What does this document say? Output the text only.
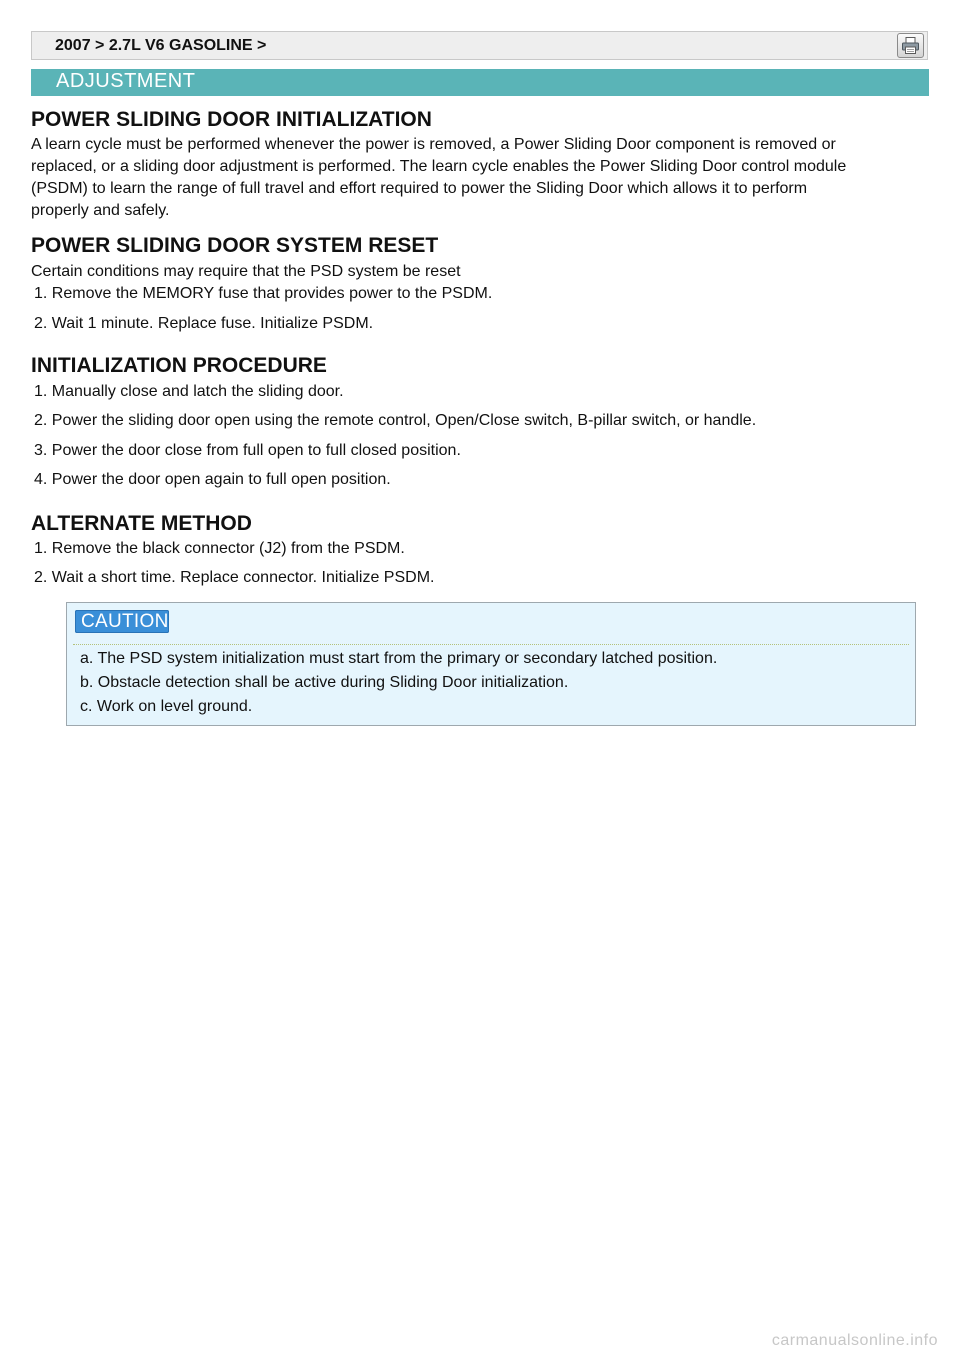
2007 > 2.7L V6 GASOLINE >
ADJUSTMENT
POWER SLIDING DOOR INITIALIZATION
A learn cycle must be performed whenever the power is removed, a Power Sliding Door component is removed or
replaced, or a sliding door adjustment is performed. The learn cycle enables the Power Sliding Door control module
(PSDM) to learn the range of full travel and effort required to power the Sliding Door which allows it to perform
properly and safely.
POWER SLIDING DOOR SYSTEM RESET
Certain conditions may require that the PSD system be reset
1. Remove the MEMORY fuse that provides power to the PSDM.
2. Wait 1 minute. Replace fuse. Initialize PSDM.
INITIALIZATION PROCEDURE
1. Manually close and latch the sliding door.
2. Power the sliding door open using the remote control, Open/Close switch, B-pillar switch, or handle.
3. Power the door close from full open to full closed position.
4. Power the door open again to full open position.
ALTERNATE METHOD
1. Remove the black connector (J2) from the PSDM.
2. Wait a short time. Replace connector. Initialize PSDM.
CAUTION
a. The PSD system initialization must start from the primary or secondary latched position.
b. Obstacle detection shall be active during Sliding Door initialization.
c. Work on level ground.
carmanualsonline.info
